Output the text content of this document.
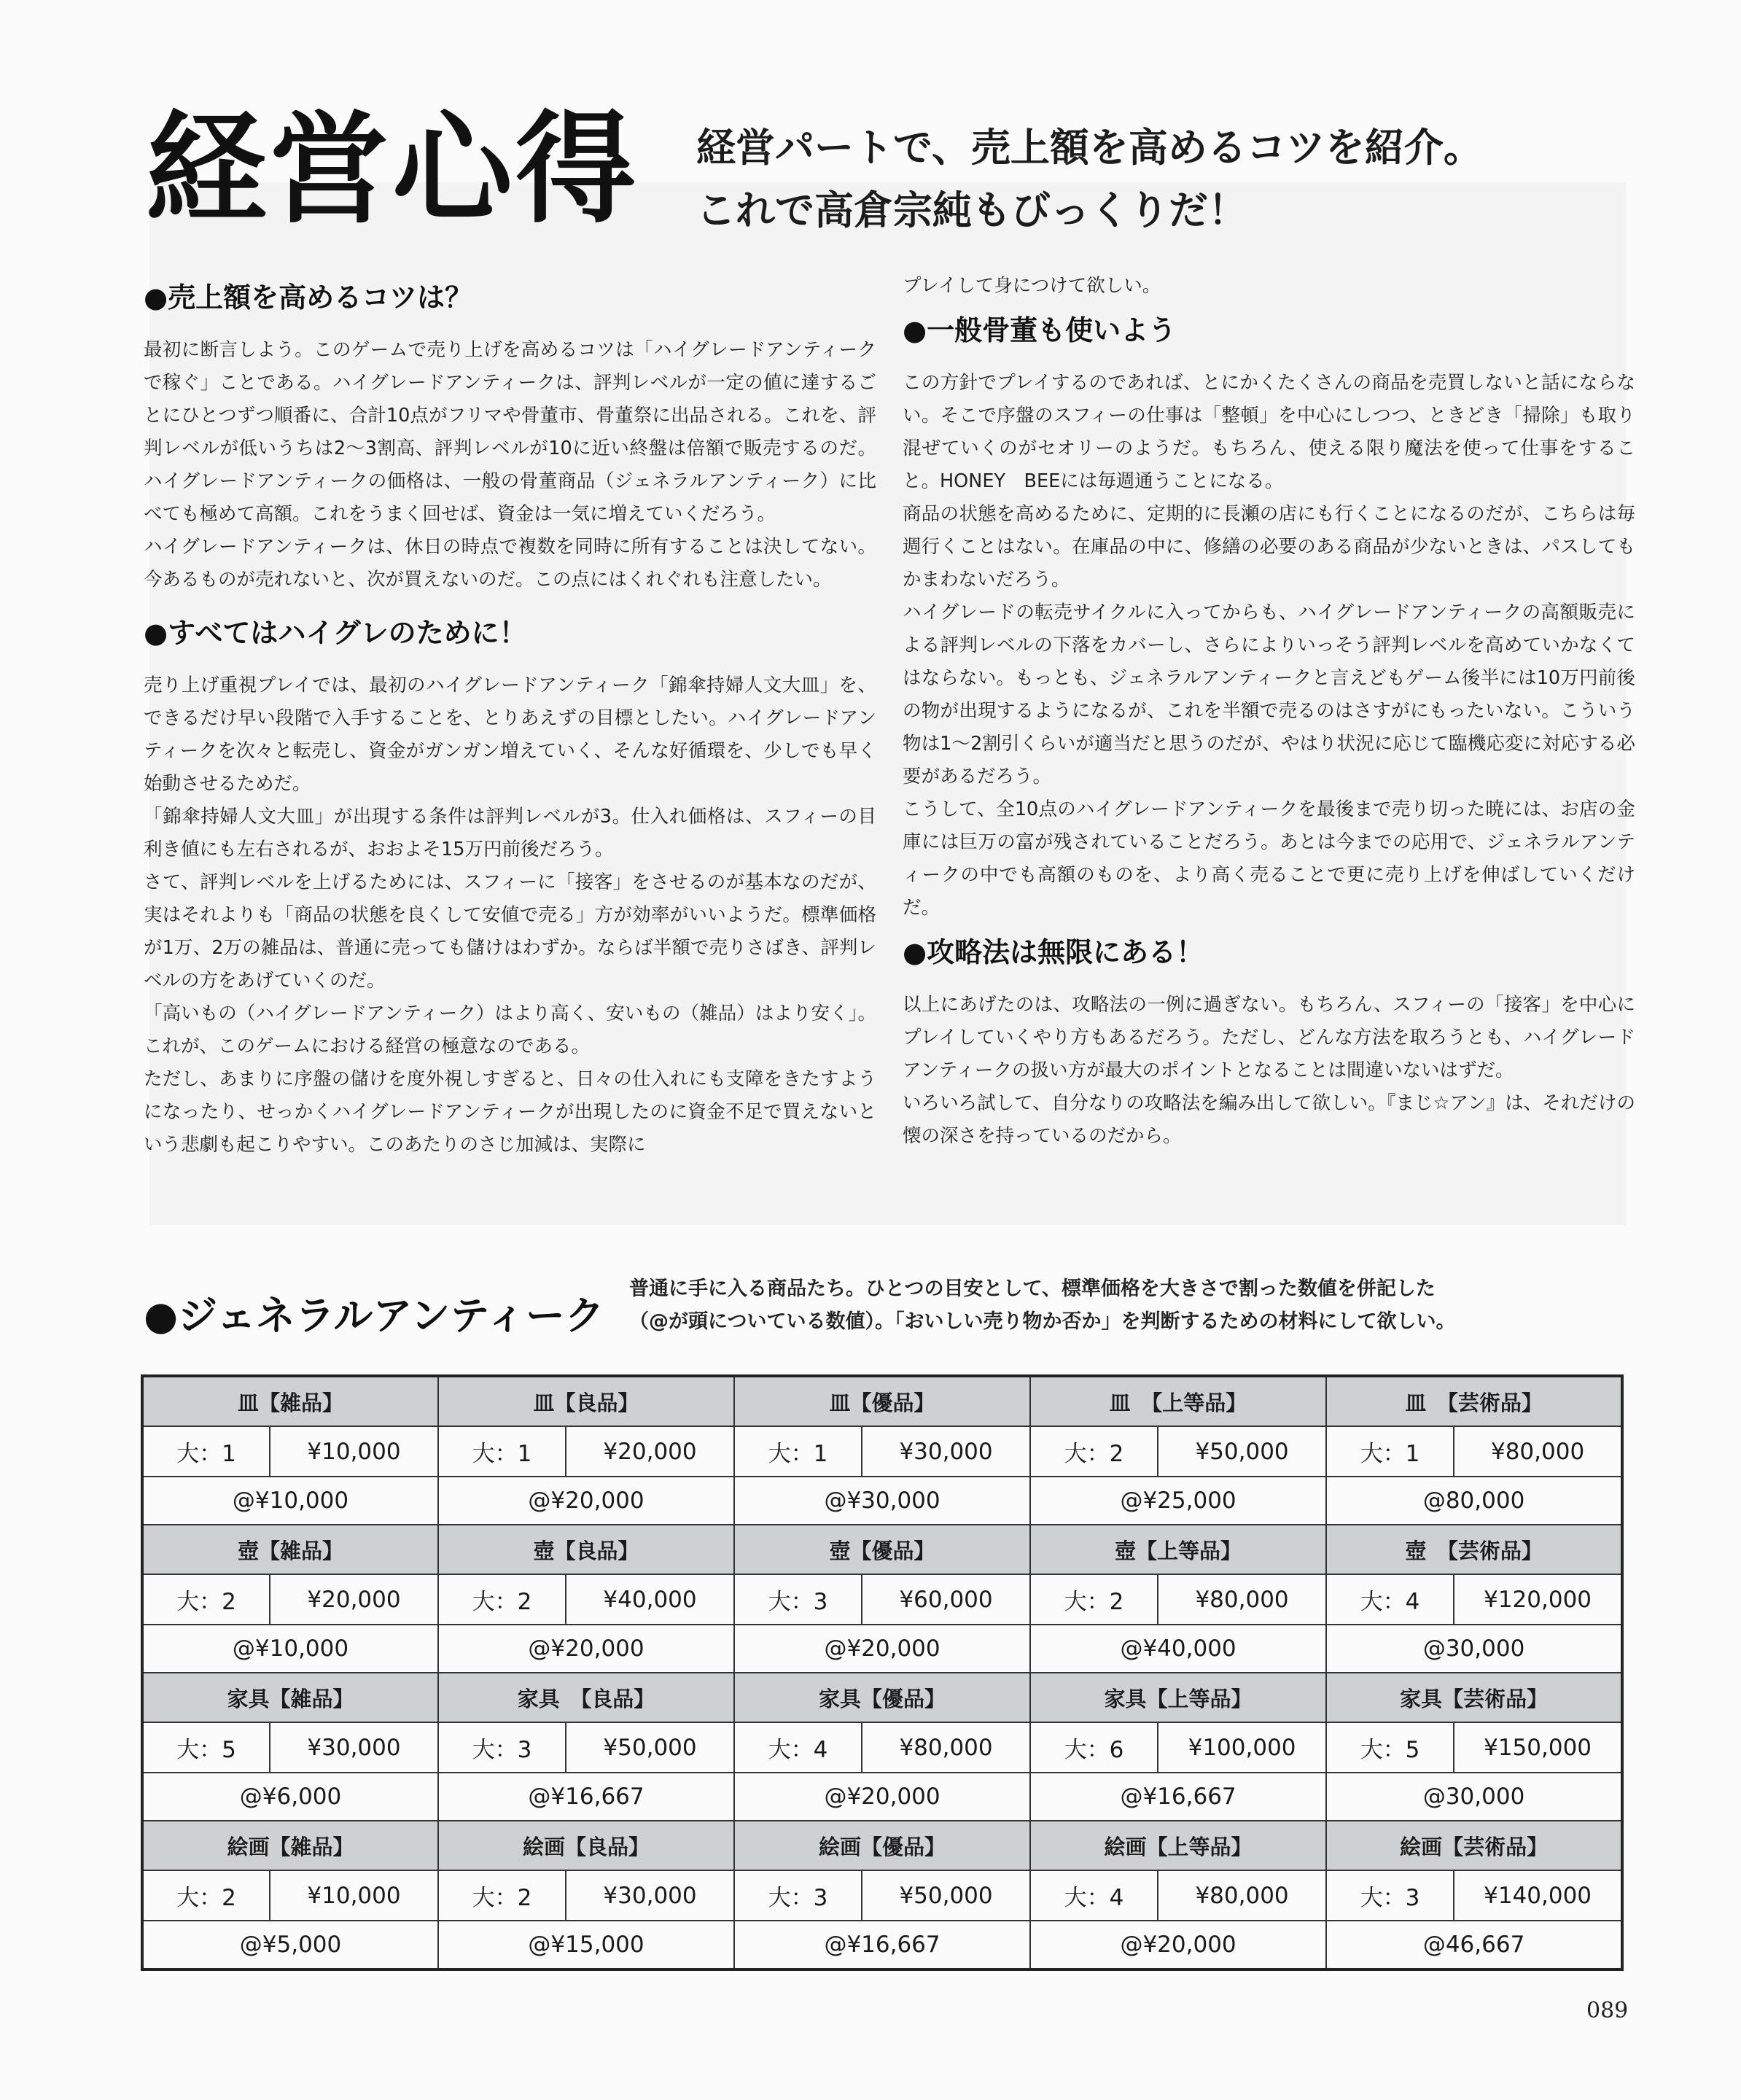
経営心得 経営パートで、売上額を高めるコツを紹介。
これで高倉宗純もびっくりだ！
●売上額を高めるコツは？

最初に断言しよう。このゲームで売り上げを高めるコツは「ハイグレードアンティークで稼ぐ」ことである。ハイグレードアンティークは、評判レベルが一定の値に達するごとにひとつずつ順番に、合計10点がフリマや骨董市、骨董祭に出品される。これを、評判レベルが低いうちは2〜3割高、評判レベルが10に近い終盤は倍額で販売するのだ。ハイグレードアンティークの価格は、一般の骨董商品（ジェネラルアンティーク）に比べても極めて高額。これをうまく回せば、資金は一気に増えていくだろう。

ハイグレードアンティークは、休日の時点で複数を同時に所有することは決してない。今あるものが売れないと、次が買えないのだ。この点にはくれぐれも注意したい。

●すべてはハイグレのために！

売り上げ重視プレイでは、最初のハイグレードアンティーク「錦傘持婦人文大皿」を、できるだけ早い段階で入手することを、とりあえずの目標としたい。ハイグレードアンティークを次々と転売し、資金がガンガン増えていく、そんな好循環を、少しでも早く始動させるためだ。

「錦傘持婦人文大皿」が出現する条件は評判レベルが3。仕入れ価格は、スフィーの目利き値にも左右されるが、おおよそ15万円前後だろう。

さて、評判レベルを上げるためには、スフィーに「接客」をさせるのが基本なのだが、実はそれよりも「商品の状態を良くして安値で売る」方が効率がいいようだ。標準価格が1万、2万の雑品は、普通に売っても儲けはわずか。ならば半額で売りさばき、評判レベルの方をあげていくのだ。

「高いもの（ハイグレードアンティーク）はより高く、安いもの（雑品）はより安く」。これが、このゲームにおける経営の極意なのである。

ただし、あまりに序盤の儲けを度外視しすぎると、日々の仕入れにも支障をきたすようになったり、せっかくハイグレードアンティークが出現したのに資金不足で買えないという悲劇も起こりやすい。このあたりのさじ加減は、実際に

プレイして身につけて欲しい。

●一般骨董も使いよう

この方針でプレイするのであれば、とにかくたくさんの商品を売買しないと話にならない。そこで序盤のスフィーの仕事は「整頓」を中心にしつつ、ときどき「掃除」も取り混ぜていくのがセオリーのようだ。もちろん、使える限り魔法を使って仕事をすること。HONEY　BEEには毎週通うことになる。

商品の状態を高めるために、定期的に長瀬の店にも行くことになるのだが、こちらは毎週行くことはない。在庫品の中に、修繕の必要のある商品が少ないときは、パスしてもかまわないだろう。

ハイグレードの転売サイクルに入ってからも、ハイグレードアンティークの高額販売による評判レベルの下落をカバーし、さらによりいっそう評判レベルを高めていかなくてはならない。もっとも、ジェネラルアンティークと言えどもゲーム後半には10万円前後の物が出現するようになるが、これを半額で売るのはさすがにもったいない。こういう物は1〜2割引くらいが適当だと思うのだが、やはり状況に応じて臨機応変に対応する必要があるだろう。

こうして、全10点のハイグレードアンティークを最後まで売り切った暁には、お店の金庫には巨万の富が残されていることだろう。あとは今までの応用で、ジェネラルアンティークの中でも高額のものを、より高く売ることで更に売り上げを伸ばしていくだけだ。

●攻略法は無限にある！

以上にあげたのは、攻略法の一例に過ぎない。もちろん、スフィーの「接客」を中心にプレイしていくやり方もあるだろう。ただし、どんな方法を取ろうとも、ハイグレードアンティークの扱い方が最大のポイントとなることは間違いないはずだ。

いろいろ試して、自分なりの攻略法を編み出して欲しい。『まじ☆アン』は、それだけの懐の深さを持っているのだから。

●ジェネラルアンティーク
普通に手に入る商品たち。ひとつの目安として、標準価格を大きさで割った数値を併記した
（@が頭についている数値）。「おいしい売り物か否か」を判断するための材料にして欲しい。
皿【雑品】		皿【良品】		皿【優品】		皿　【上等品】		皿　【芸術品】	
大：1	¥10,000	大：1	¥20,000	大：1	¥30,000	大：2	¥50,000	大：1	¥80,000
@¥10,000		@¥20,000		@¥30,000		@¥25,000		@80,000	
壺【雑品】		壺【良品】		壺【優品】		壺【上等品】		壺　【芸術品】	
大：2	¥20,000	大：2	¥40,000	大：3	¥60,000	大：2	¥80,000	大：4	¥120,000
@¥10,000		@¥20,000		@¥20,000		@¥40,000		@30,000	
家具【雑品】		家具　【良品】		家具【優品】		家具【上等品】		家具【芸術品】	
大：5	¥30,000	大：3	¥50,000	大：4	¥80,000	大：6	¥100,000	大：5	¥150,000
@¥6,000		@¥16,667		@¥20,000		@¥16,667		@30,000	
絵画【雑品】		絵画【良品】		絵画【優品】		絵画【上等品】		絵画【芸術品】	
大：2	¥10,000	大：2	¥30,000	大：3	¥50,000	大：4	¥80,000	大：3	¥140,000
@¥5,000		@¥15,000		@¥16,667		@¥20,000		@46,667	
089
